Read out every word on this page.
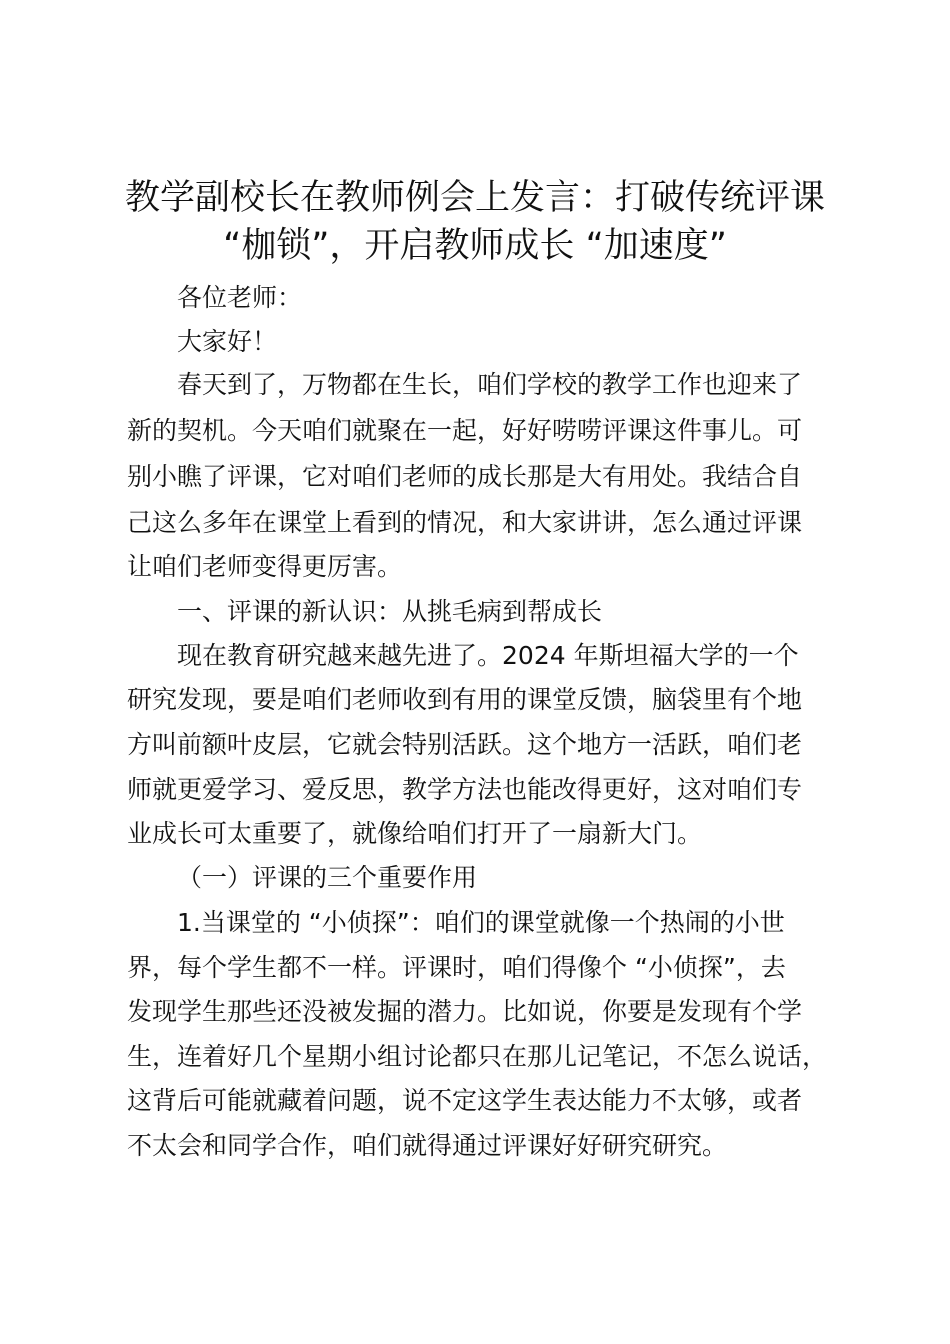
教学副校长在教师例会上发言：打破传统评课
“枷锁”，开启教师成长 “加速度”
各位老师：
大家好！
春天到了，万物都在生长，咱们学校的教学工作也迎来了
新的契机。今天咱们就聚在一起，好好唠唠评课这件事儿。可
别小瞧了评课，它对咱们老师的成长那是大有用处。我结合自
己这么多年在课堂上看到的情况，和大家讲讲，怎么通过评课
让咱们老师变得更厉害。
一、评课的新认识：从挑毛病到帮成长
现在教育研究越来越先进了。2024 年斯坦福大学的一个
研究发现，要是咱们老师收到有用的课堂反馈，脑袋里有个地
方叫前额叶皮层，它就会特别活跃。这个地方一活跃，咱们老
师就更爱学习、爱反思，教学方法也能改得更好，这对咱们专
业成长可太重要了，就像给咱们打开了一扇新大门。
（一）评课的三个重要作用
1.当课堂的 “小侦探”：咱们的课堂就像一个热闹的小世
界，每个学生都不一样。评课时，咱们得像个 “小侦探”，去
发现学生那些还没被发掘的潜力。比如说，你要是发现有个学
生，连着好几个星期小组讨论都只在那儿记笔记，不怎么说话，
这背后可能就藏着问题，说不定这学生表达能力不太够，或者
不太会和同学合作，咱们就得通过评课好好研究研究。
